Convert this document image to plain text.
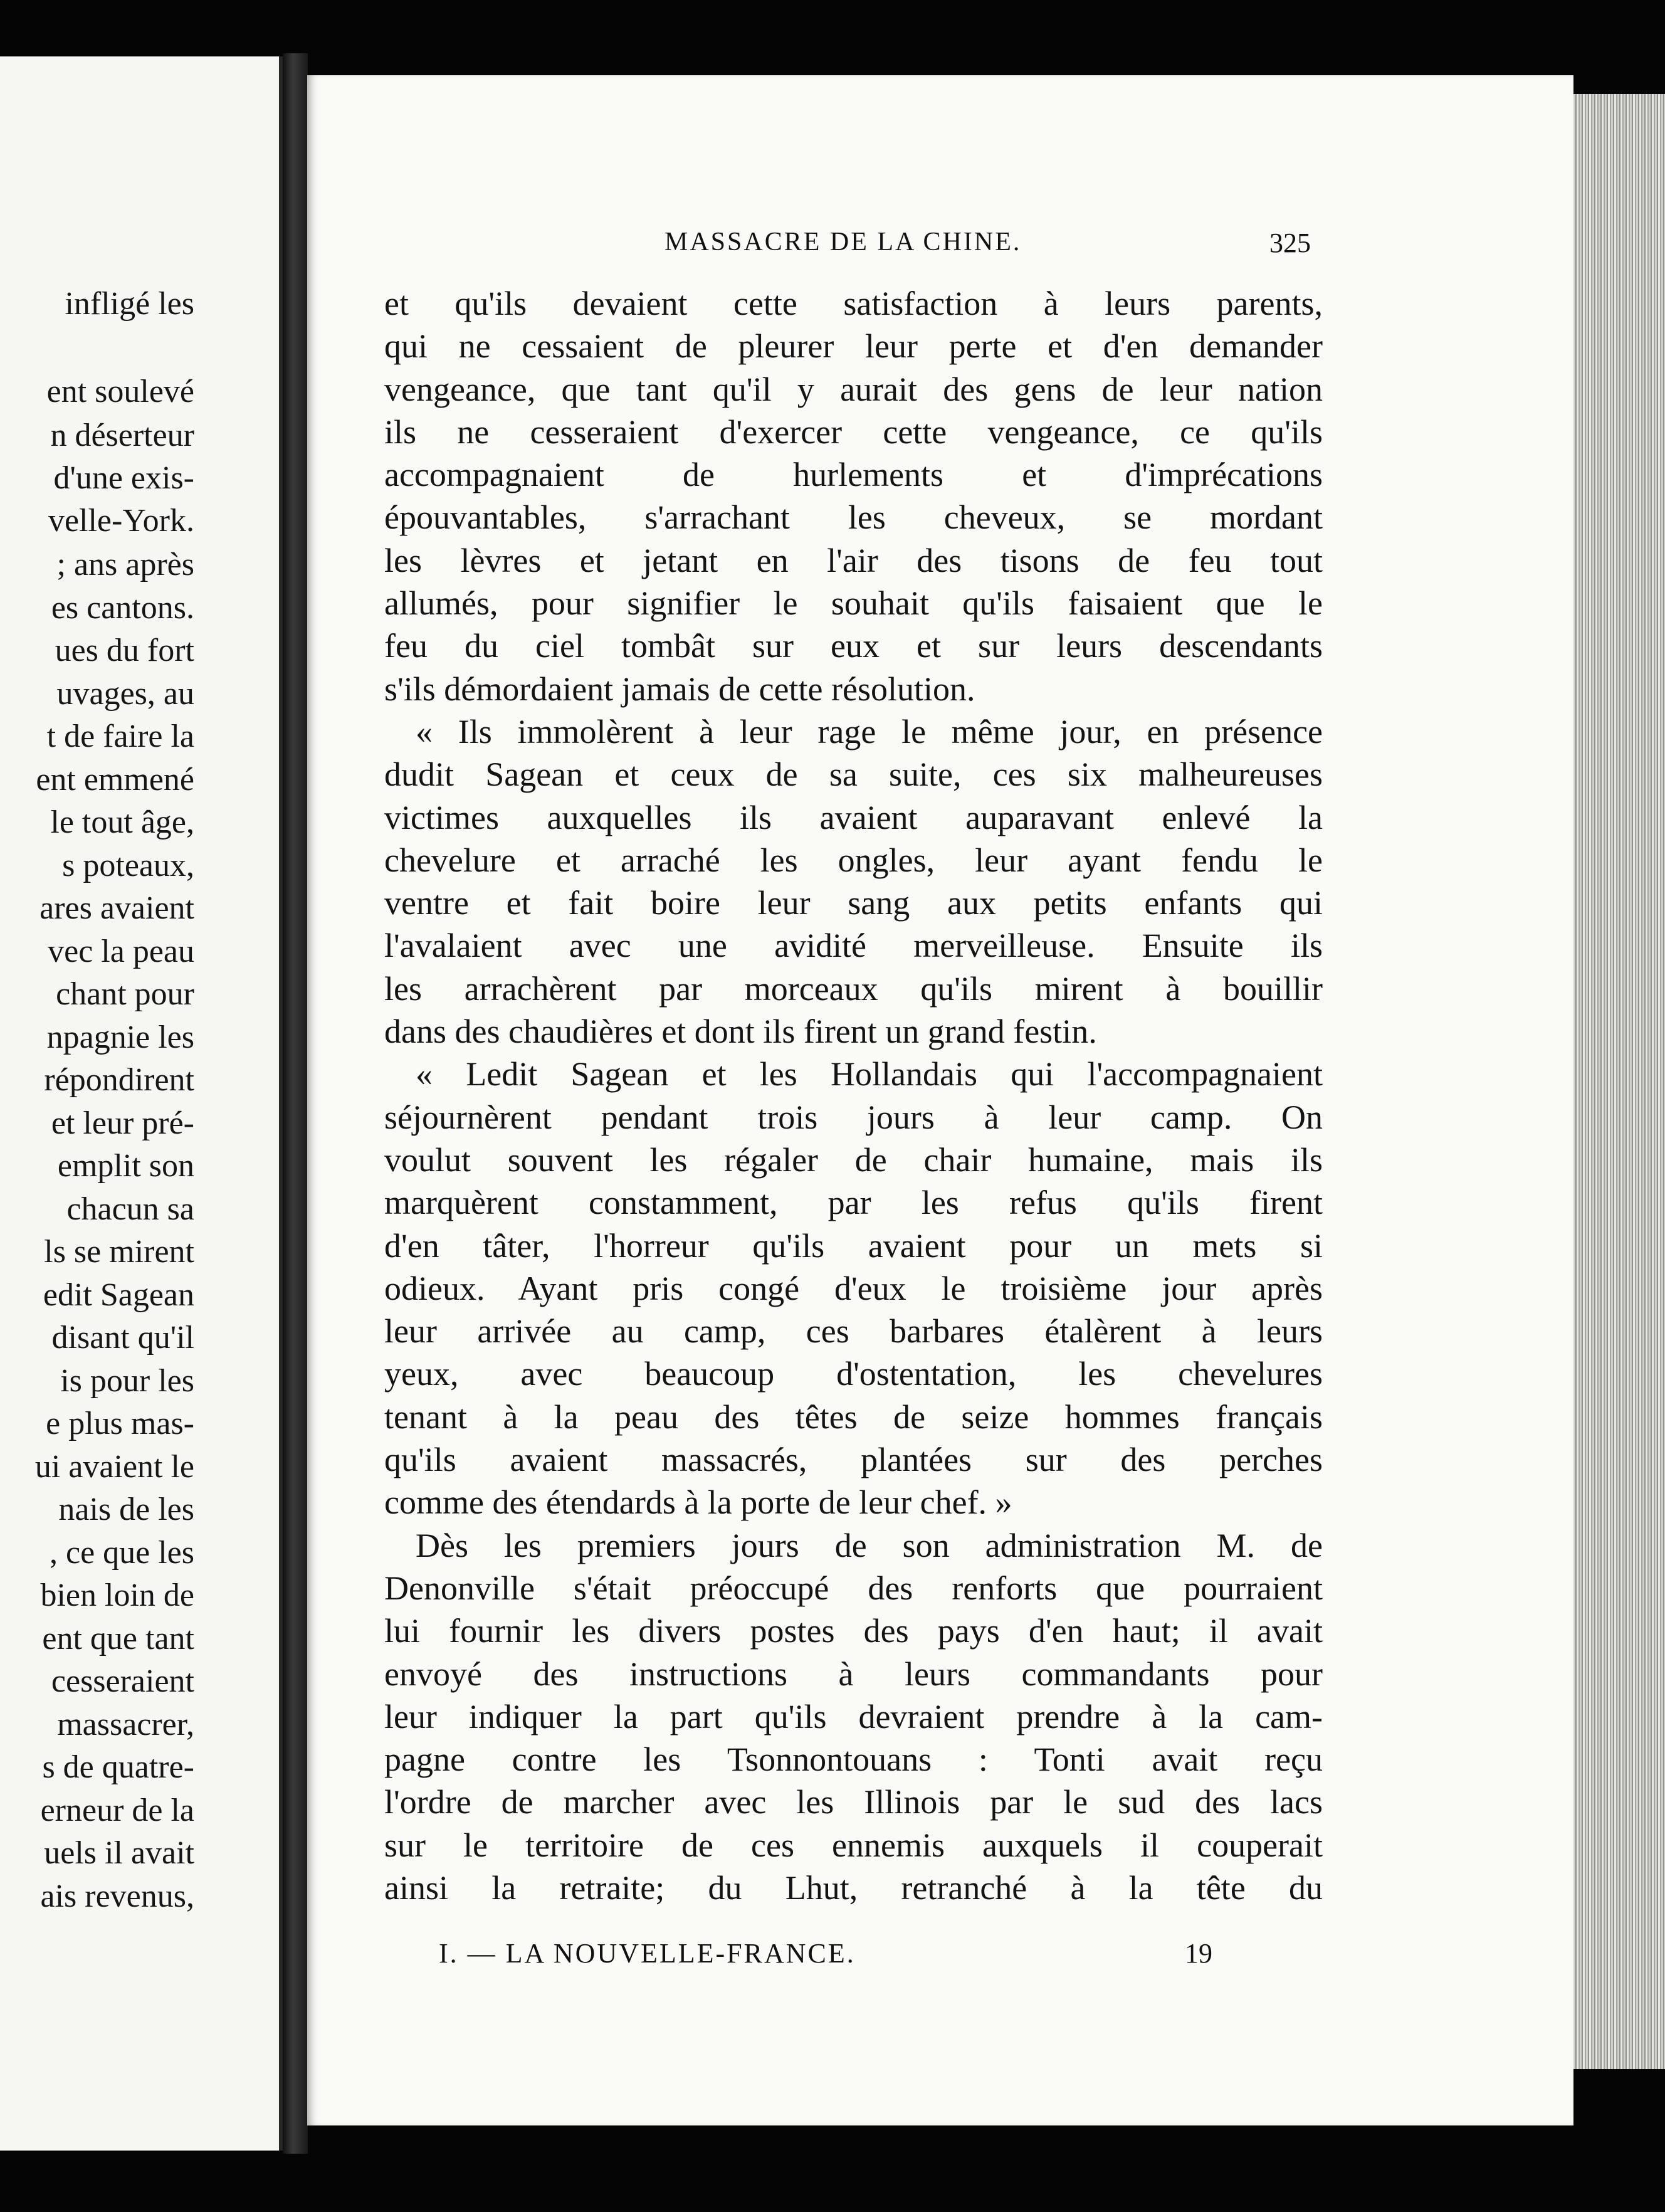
infligé les
ent soulevé
n déserteur
d'une exis-
velle-York.
; ans après
es cantons.
ues du fort
uvages, au
t de faire la
ent emmené
le tout âge,
s poteaux,
ares avaient
vec la peau
chant pour
npagnie les
répondirent
et leur pré-
emplit son
chacun sa
ls se mirent
edit Sagean
disant qu'il
is pour les
e plus mas-
ui avaient le
nais de les
, ce que les
bien loin de
ent que tant
cesseraient
massacrer,
s de quatre-
erneur de la
uels il avait
ais revenus,
MASSACRE DE LA CHINE.	325
et qu'ils devaient cette satisfaction à leurs parents,
qui ne cessaient de pleurer leur perte et d'en demander
vengeance, que tant qu'il y aurait des gens de leur nation
ils ne cesseraient d'exercer cette vengeance, ce qu'ils
accompagnaient de hurlements et d'imprécations
épouvantables, s'arrachant les cheveux, se mordant
les lèvres et jetant en l'air des tisons de feu tout
allumés, pour signifier le souhait qu'ils faisaient que le
feu du ciel tombât sur eux et sur leurs descendants
s'ils démordaient jamais de cette résolution.
« Ils immolèrent à leur rage le même jour, en présence
dudit Sagean et ceux de sa suite, ces six malheureuses
victimes auxquelles ils avaient auparavant enlevé la
chevelure et arraché les ongles, leur ayant fendu le
ventre et fait boire leur sang aux petits enfants qui
l'avalaient avec une avidité merveilleuse. Ensuite ils
les arrachèrent par morceaux qu'ils mirent à bouillir
dans des chaudières et dont ils firent un grand festin.
« Ledit Sagean et les Hollandais qui l'accompagnaient
séjournèrent pendant trois jours à leur camp. On
voulut souvent les régaler de chair humaine, mais ils
marquèrent constamment, par les refus qu'ils firent
d'en tâter, l'horreur qu'ils avaient pour un mets si
odieux. Ayant pris congé d'eux le troisième jour après
leur arrivée au camp, ces barbares étalèrent à leurs
yeux, avec beaucoup d'ostentation, les chevelures
tenant à la peau des têtes de seize hommes français
qu'ils avaient massacrés, plantées sur des perches
comme des étendards à la porte de leur chef. »
Dès les premiers jours de son administration M. de
Denonville s'était préoccupé des renforts que pourraient
lui fournir les divers postes des pays d'en haut; il avait
envoyé des instructions à leurs commandants pour
leur indiquer la part qu'ils devraient prendre à la cam-
pagne contre les Tsonnontouans : Tonti avait reçu
l'ordre de marcher avec les Illinois par le sud des lacs
sur le territoire de ces ennemis auxquels il couperait
ainsi la retraite; du Lhut, retranché à la tête du
I. — LA NOUVELLE-FRANCE.	19
